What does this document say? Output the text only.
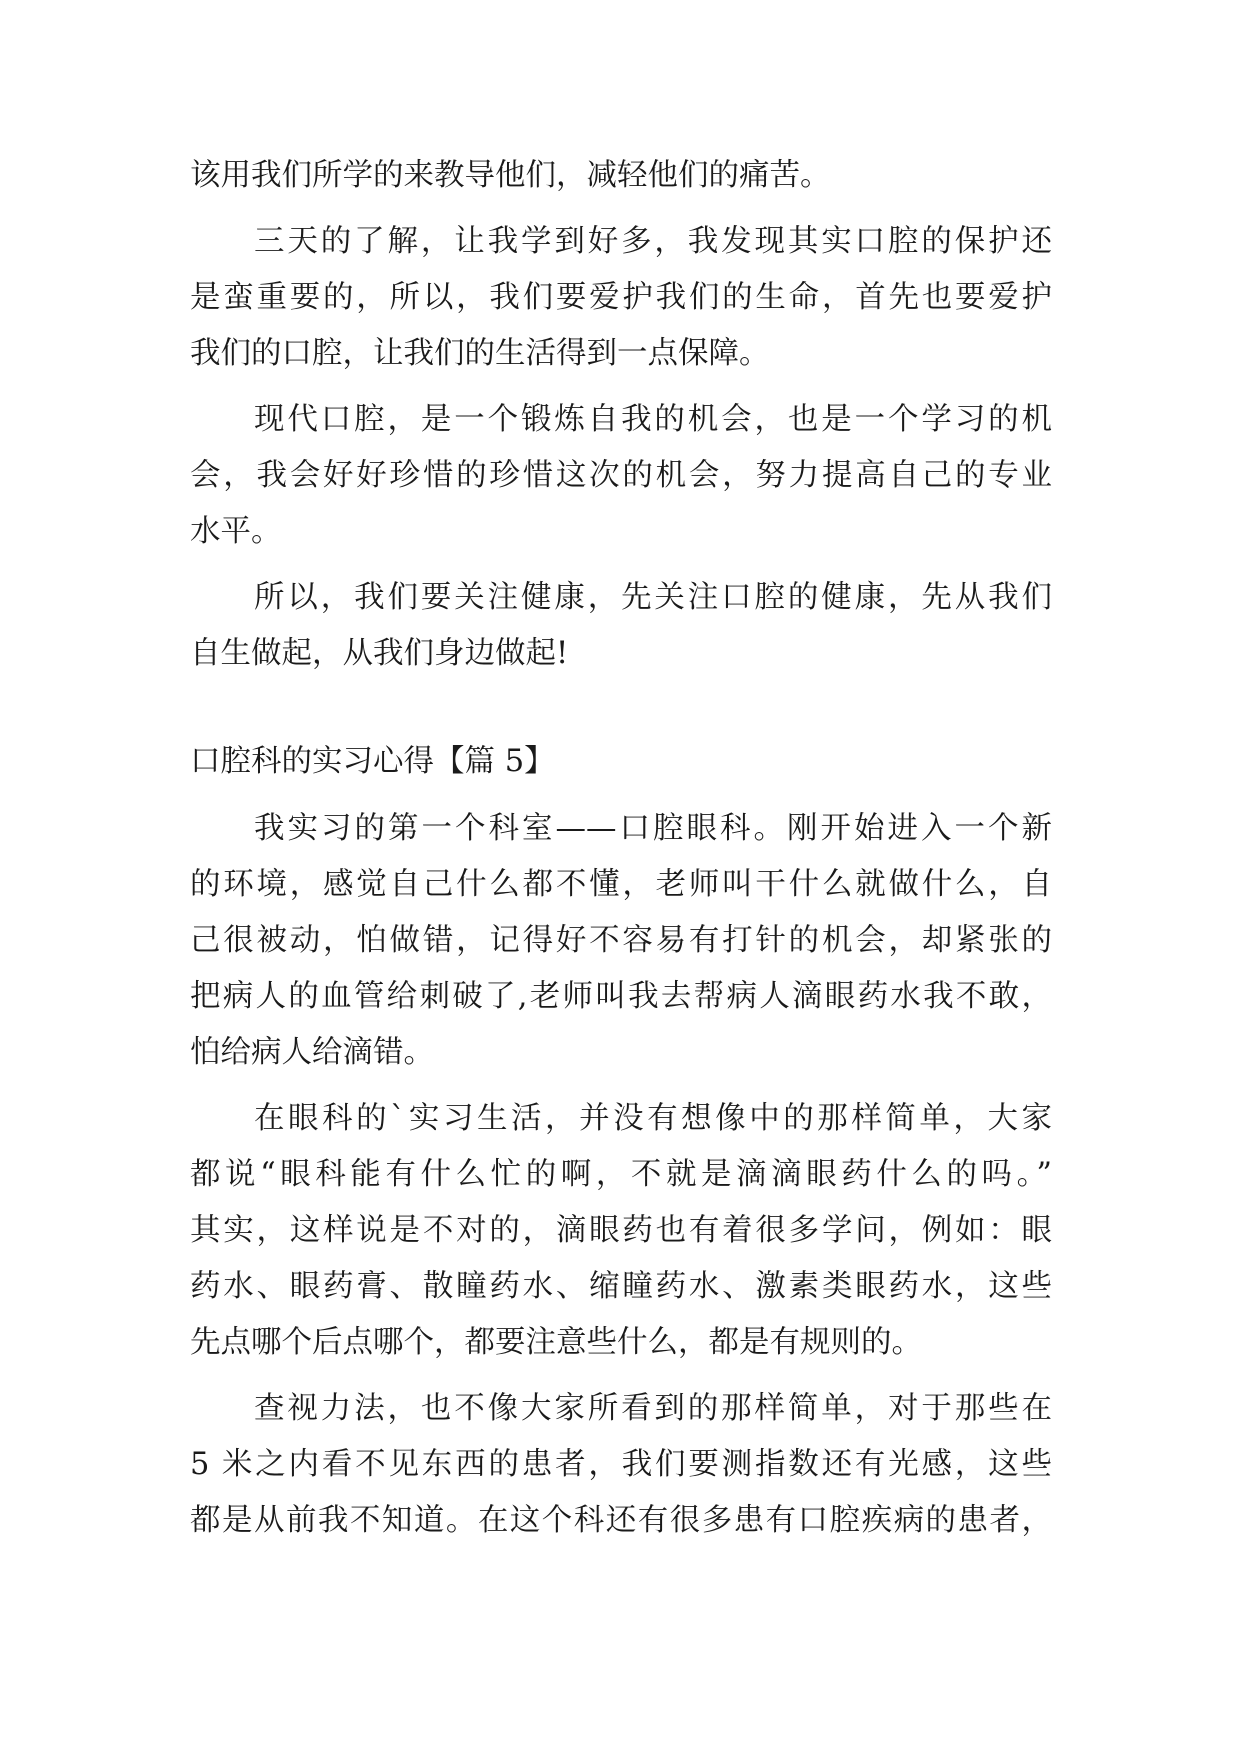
该用我们所学的来教导他们，减轻他们的痛苦。
三天的了解，让我学到好多，我发现其实口腔的保护还
是蛮重要的，所以，我们要爱护我们的生命，首先也要爱护
我们的口腔，让我们的生活得到一点保障。
现代口腔，是一个锻炼自我的机会，也是一个学习的机
会，我会好好珍惜的珍惜这次的机会，努力提高自己的专业
水平。
所以，我们要关注健康，先关注口腔的健康，先从我们
自生做起，从我们身边做起!
口腔科的实习心得【篇 5】
我实习的第一个科室——口腔眼科。刚开始进入一个新
的环境，感觉自己什么都不懂，老师叫干什么就做什么，自
己很被动，怕做错，记得好不容易有打针的机会，却紧张的
把病人的血管给刺破了,老师叫我去帮病人滴眼药水我不敢，
怕给病人给滴错。
在眼科的`实习生活，并没有想像中的那样简单，大家
都说“眼科能有什么忙的啊，不就是滴滴眼药什么的吗。”
其实，这样说是不对的，滴眼药也有着很多学问，例如：眼
药水、眼药膏、散瞳药水、缩瞳药水、激素类眼药水，这些
先点哪个后点哪个，都要注意些什么，都是有规则的。
查视力法，也不像大家所看到的那样简单，对于那些在
5 米之内看不见东西的患者，我们要测指数还有光感，这些
都是从前我不知道。在这个科还有很多患有口腔疾病的患者，
